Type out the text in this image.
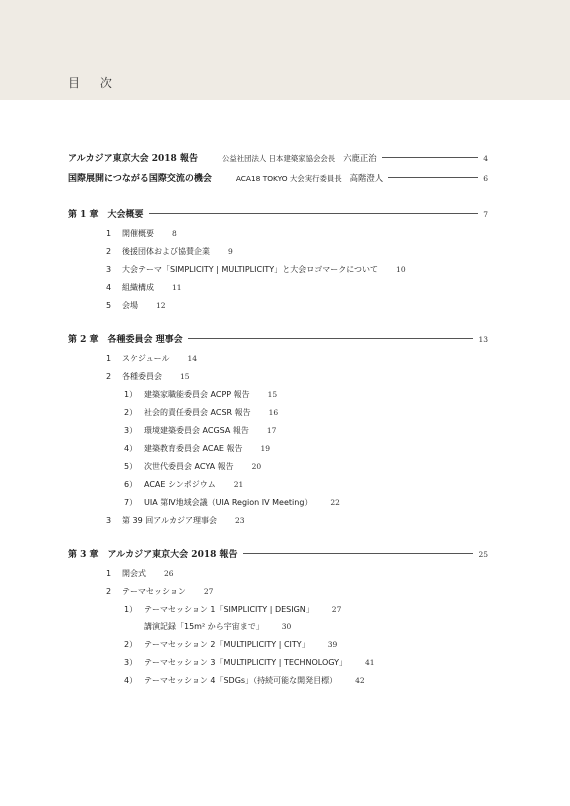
目 次
アルカジア東京大会 2018 報告	公益社団法人 日本建築家協会会長 六鹿正治	4
国際展開につながる国際交流の機会	ACA18 TOKYO 大会実行委員長 高階澄人	6
第 1 章　大会概要	7
1	開催概要 8
2	後援団体および協賛企業 9
3	大会テーマ「SIMPLICITY | MULTIPLICITY」と大会ロゴマークについて 10
4	組織構成 11
5	会場 12
第 2 章　各種委員会 理事会	13
1	スケジュール 14
2	各種委員会 15
1） 建築家職能委員会 ACPP 報告 15
2） 社会的責任委員会 ACSR 報告 16
3） 環境建築委員会 ACGSA 報告 17
4） 建築教育委員会 ACAE 報告 19
5） 次世代委員会 ACYA 報告 20
6） ACAE シンポジウム 21
7） UIA 第Ⅳ地域会議（UIA Region IV Meeting） 22
3	第 39 回アルカジア理事会 23
第 3 章　アルカジア東京大会 2018 報告	25
1	開会式 26
2	テーマセッション 27
1） テーマセッション 1「SIMPLICITY | DESIGN」 27
講演記録「15m² から宇宙まで」 30
2） テーマセッション 2「MULTIPLICITY | CITY」 39
3） テーマセッション 3「MULTIPLICITY | TECHNOLOGY」 41
4） テーマセッション 4「SDGs」（持続可能な開発目標） 42
